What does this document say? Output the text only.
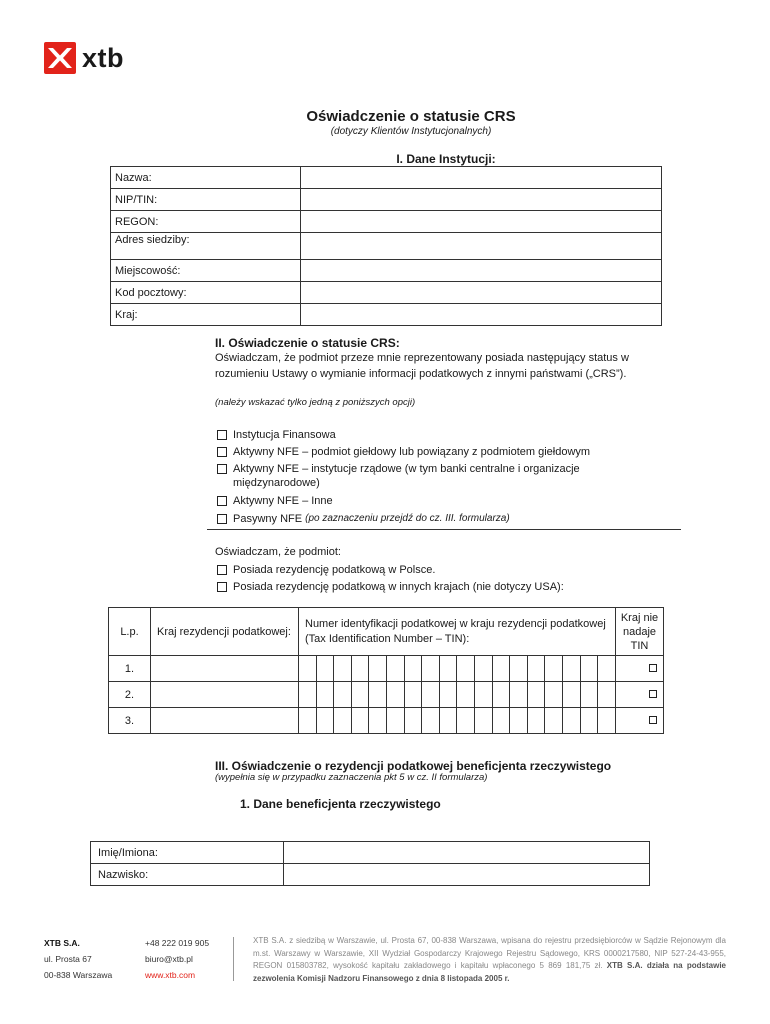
xtb
Oświadczenie o statusie CRS
(dotyczy Klientów Instytucjonalnych)
I. Dane Instytucji:
Nazwa:	
NIP/TIN:	
REGON:	
Adres siedziby:	
Miejscowość:	
Kod pocztowy:	
Kraj:	
II. Oświadczenie o statusie CRS:
Oświadczam, że podmiot przeze mnie reprezentowany posiada następujący status w rozumieniu Ustawy o wymianie informacji podatkowych z innymi państwami („CRS”).
(należy wskazać tylko jedną z poniższych opcji)
Instytucja Finansowa
Aktywny NFE – podmiot giełdowy lub powiązany z podmiotem giełdowym
Aktywny NFE – instytucje rządowe (w tym banki centralne i organizacje międzynarodowe)
Aktywny NFE – Inne
Pasywny NFE
(po zaznaczeniu przejdź do cz. III. formularza)
Oświadczam, że podmiot:
Posiada rezydencję podatkową w Polsce.
Posiada rezydencję podatkową w innych krajach (nie dotyczy USA):
L.p.	Kraj rezydencji podatkowej:	Numer identyfikacji podatkowej w kraju rezydencji podatkowej (Tax Identification Number – TIN):																		Kraj nie nadaje TIN
1.																				
2.																				
3.																				
III. Oświadczenie o rezydencji podatkowej beneficjenta rzeczywistego
(wypełnia się w przypadku zaznaczenia pkt 5 w cz. II formularza)
1. Dane beneficjenta rzeczywistego
Imię/Imiona:	
Nazwisko:	
XTB S.A.
ul. Prosta 67
00-838 Warszawa
+48 222 019 905
biuro@xtb.pl
www.xtb.com
XTB S.A. z siedzibą w Warszawie, ul. Prosta 67, 00-838 Warszawa, wpisana do rejestru przedsiębiorców w Sądzie Rejonowym dla m.st. Warszawy w Warszawie, XII Wydział Gospodarczy Krajowego Rejestru Sądowego, KRS 0000217580, NIP 527-24-43-955, REGON 015803782, wysokość kapitału zakładowego i kapitału wpłaconego 5 869 181,75 zł. XTB S.A. działa na podstawie zezwolenia Komisji Nadzoru Finansowego z dnia 8 listopada 2005 r.
